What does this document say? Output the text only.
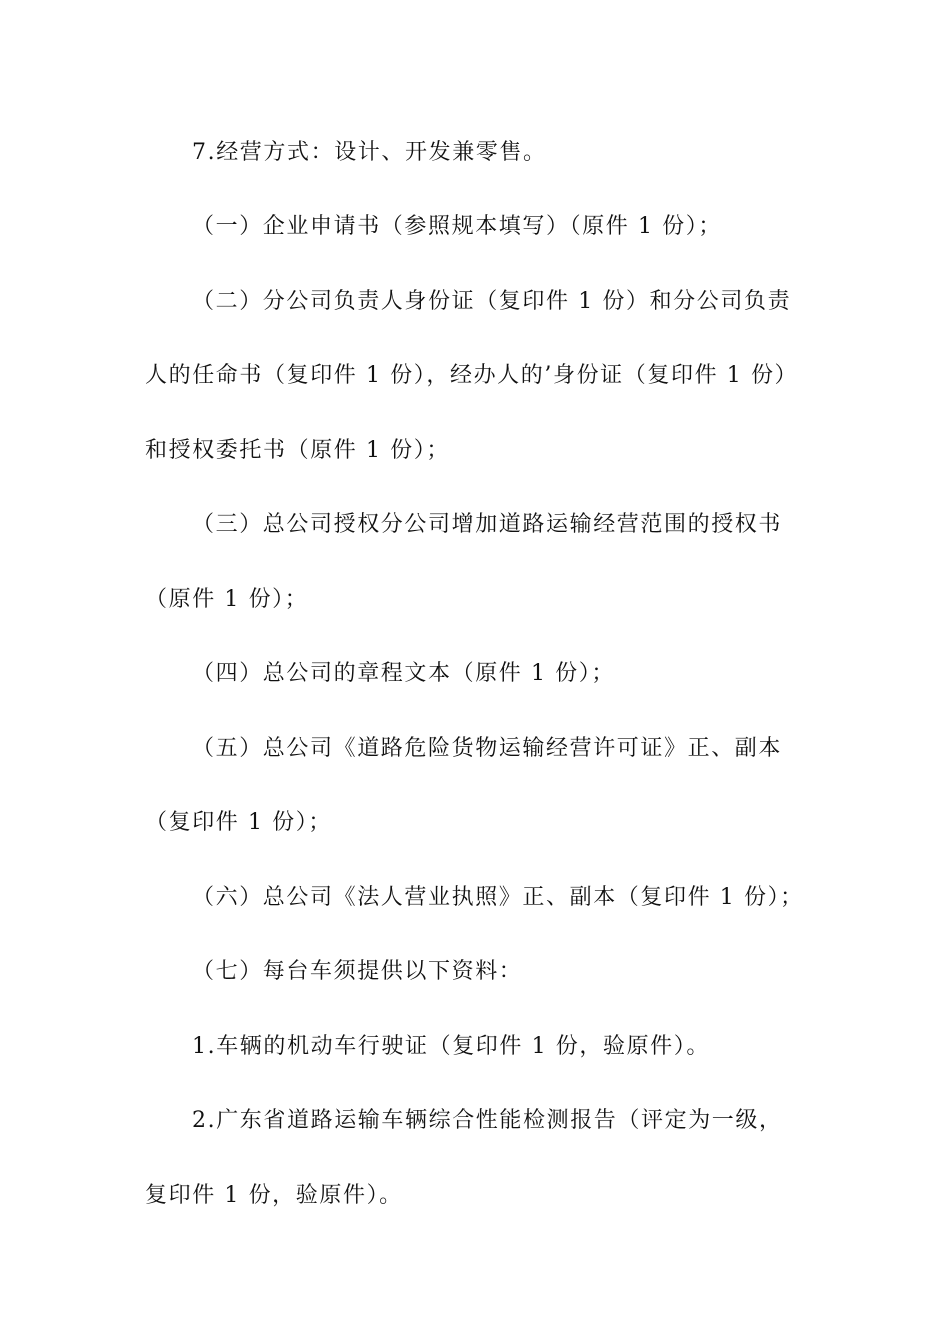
7.经营方式：设计、开发兼零售。
（一）企业申请书（参照规本填写）（原件 1 份）；
（二）分公司负责人身份证（复印件 1 份）和分公司负责
人的任命书（复印件 1 份），经办人的’身份证（复印件 1 份）
和授权委托书（原件 1 份）；
（三）总公司授权分公司增加道路运输经营范围的授权书
（原件 1 份）；
（四）总公司的章程文本（原件 1 份）；
（五）总公司《道路危险货物运输经营许可证》正、副本
（复印件 1 份）；
（六）总公司《法人营业执照》正、副本（复印件 1 份）；
（七）每台车须提供以下资料：
1.车辆的机动车行驶证（复印件 1 份，验原件）。
2.广东省道路运输车辆综合性能检测报告（评定为一级，
复印件 1 份，验原件）。
